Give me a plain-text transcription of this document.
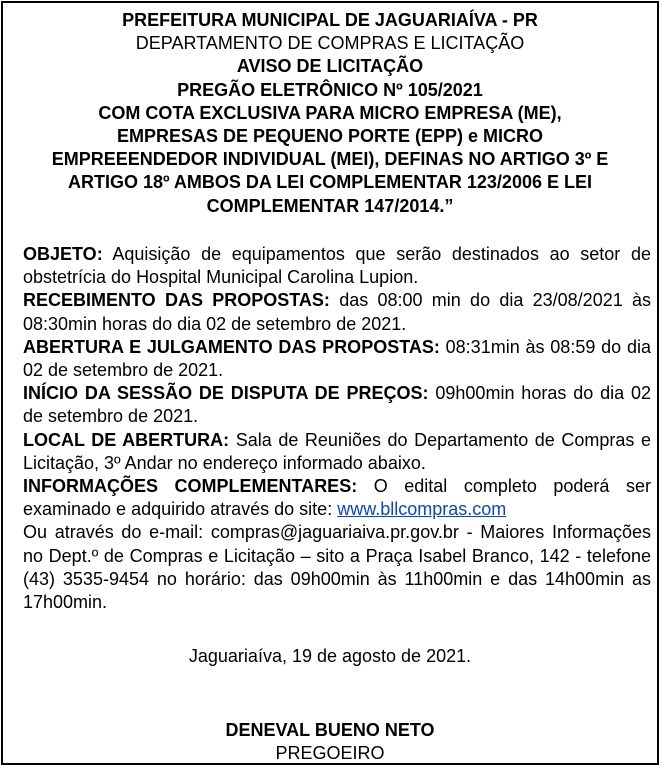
PREFEITURA MUNICIPAL DE JAGUARIAÍVA - PR
DEPARTAMENTO DE COMPRAS E LICITAÇÃO
AVISO DE LICITAÇÃO
PREGÃO ELETRÔNICO Nº 105/2021
COM COTA EXCLUSIVA PARA MICRO EMPRESA (ME),
EMPRESAS DE PEQUENO PORTE (EPP) e MICRO
EMPREEENDEDOR INDIVIDUAL (MEI), DEFINAS NO ARTIGO 3º E
ARTIGO 18º AMBOS DA LEI COMPLEMENTAR 123/2006 E LEI
COMPLEMENTAR 147/2014.”

OBJETO: Aquisição de equipamentos que serão destinados ao setor de obstetrícia do Hospital Municipal Carolina Lupion.

RECEBIMENTO DAS PROPOSTAS: das 08:00 min do dia 23/08/2021 às 08:30min horas do dia 02 de setembro de 2021.

ABERTURA E JULGAMENTO DAS PROPOSTAS: 08:31min às 08:59 do dia 02 de setembro de 2021.

INÍCIO DA SESSÃO DE DISPUTA DE PREÇOS: 09h00min horas do dia 02 de setembro de 2021.

LOCAL DE ABERTURA: Sala de Reuniões do Departamento de Compras e Licitação, 3º Andar no endereço informado abaixo.

INFORMAÇÕES COMPLEMENTARES: O edital completo poderá ser examinado e adquirido através do site: www.bllcompras.com

Ou através do e-mail: compras@jaguariaiva.pr.gov.br - Maiores Informações no Dept.º de Compras e Licitação – sito a Praça Isabel Branco, 142 - telefone (43) 3535-9454 no horário: das 09h00min às 11h00min e das 14h00min as 17h00min.

Jaguariaíva, 19 de agosto de 2021.
DENEVAL BUENO NETO
PREGOEIRO
